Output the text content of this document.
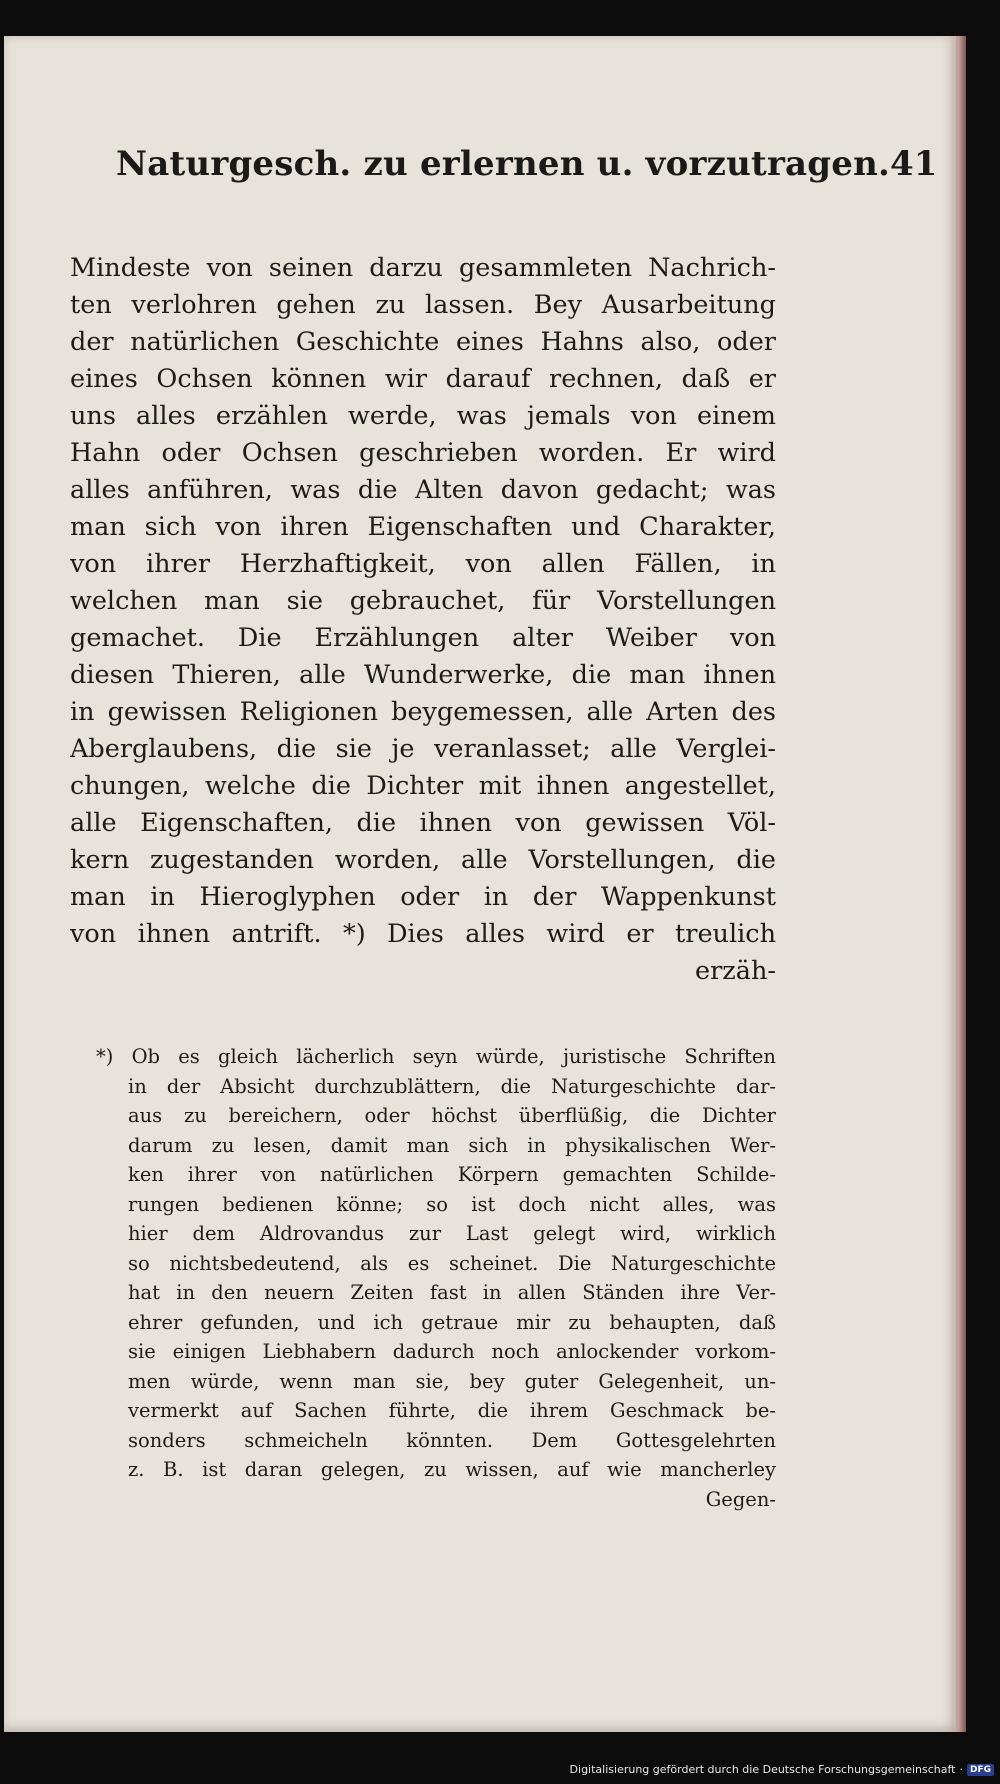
Naturgesch. zu erlernen u. vorzutragen. 41
Mindeste von seinen darzu gesammleten Nachrich-
ten verlohren gehen zu lassen. Bey Ausarbeitung
der natürlichen Geschichte eines Hahns also, oder
eines Ochsen können wir darauf rechnen, daß er
uns alles erzählen werde, was jemals von einem
Hahn oder Ochsen geschrieben worden. Er wird
alles anführen, was die Alten davon gedacht; was
man sich von ihren Eigenschaften und Charakter,
von ihrer Herzhaftigkeit, von allen Fällen, in
welchen man sie gebrauchet, für Vorstellungen
gemachet. Die Erzählungen alter Weiber von
diesen Thieren, alle Wunderwerke, die man ihnen
in gewissen Religionen beygemessen, alle Arten des
Aberglaubens, die sie je veranlasset; alle Verglei-
chungen, welche die Dichter mit ihnen angestellet,
alle Eigenschaften, die ihnen von gewissen Völ-
kern zugestanden worden, alle Vorstellungen, die
man in Hieroglyphen oder in der Wappenkunst
von ihnen antrift. *) Dies alles wird er treulich
erzäh-
*) Ob es gleich lächerlich seyn würde, juristische Schriften
in der Absicht durchzublättern, die Naturgeschichte dar-
aus zu bereichern, oder höchst überflüßig, die Dichter
darum zu lesen, damit man sich in physikalischen Wer-
ken ihrer von natürlichen Körpern gemachten Schilde-
rungen bedienen könne; so ist doch nicht alles, was
hier dem Aldrovandus zur Last gelegt wird, wirklich
so nichtsbedeutend, als es scheinet. Die Naturgeschichte
hat in den neuern Zeiten fast in allen Ständen ihre Ver-
ehrer gefunden, und ich getraue mir zu behaupten, daß
sie einigen Liebhabern dadurch noch anlockender vorkom-
men würde, wenn man sie, bey guter Gelegenheit, un-
vermerkt auf Sachen führte, die ihrem Geschmack be-
sonders schmeicheln könnten. Dem Gottesgelehrten
z. B. ist daran gelegen, zu wissen, auf wie mancherley
Gegen-
Digitalisierung gefördert durch die Deutsche Forschungsgemeinschaft · DFG
